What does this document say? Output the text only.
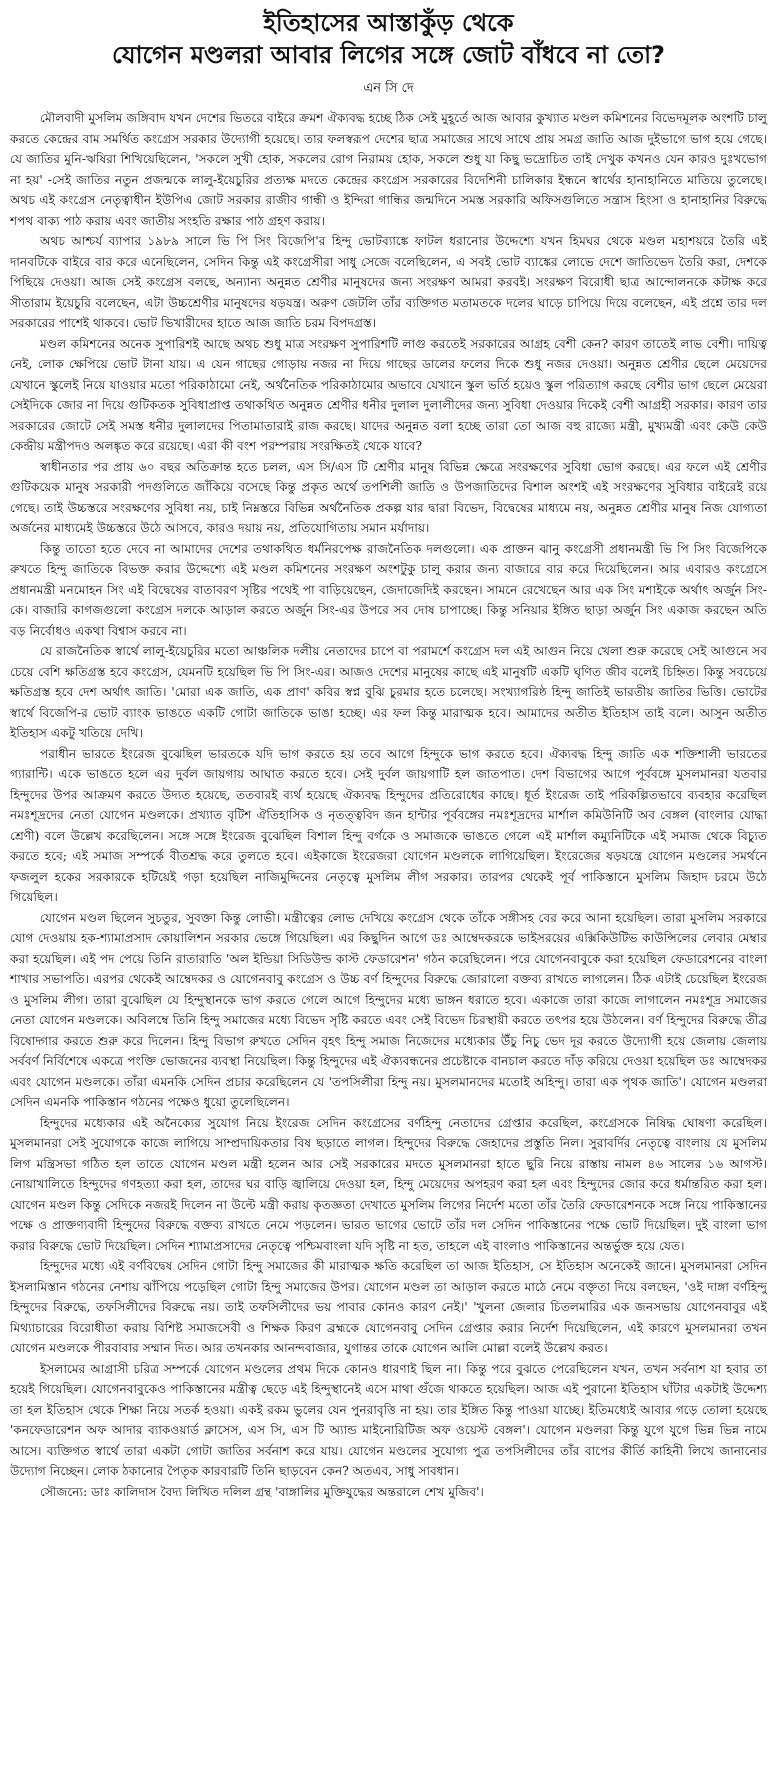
ইতিহাসের আস্তাকুঁড় থেকে
যোগেন মণ্ডলরা আবার লিগের সঙ্গে জোট বাঁধবে না তো?
এন সি দে

মৌলবাদী মুসলিম জঙ্গিবাদ যখন দেশের ভিতরে বাইরে ক্রমশ ঐক্যবদ্ধ হচ্ছে ঠিক সেই মুহূর্তে আজ আবার কুখ্যাত মণ্ডল কমিশনের বিভেদমূলক অংশটি চালু করতে কেন্দ্রের বাম সমর্থিত কংগ্রেস সরকার উদ্যোগী হয়েছে। তার ফলস্বরূপ দেশের ছাত্র সমাজের সাথে সাথে প্রায় সমগ্র জাতি আজ দুইভাগে ভাগ হয়ে গেছে। যে জাতির মুনি-ঋষিরা শিখিয়েছিলেন, 'সকলে সুখী হোক, সকলের রোগ নিরাময় হোক, সকলে শুধু যা কিছু ভদ্রোচিত তাই দেখুক কখনও যেন কারও দুঃখভোগ না হয়' -সেই জাতির নতুন প্রজন্মকে লালু-ইয়েচুরির প্রত্যক্ষ মদতে কেন্দ্রের কংগ্রেস সরকারের বিদেশিনী চালিকার ইন্ধনে স্বার্থের হানাহানিতে মাতিয়ে তুলেছে। অথচ এই কংগ্রেস নেতৃত্বাধীন ইউপিএ জোট সরকার রাজীব গান্ধী ও ইন্দিরা গান্ধির জন্মদিনে সমস্ত সরকারি অফিসগুলিতে সন্ত্রাস হিংসা ও হানাহানির বিরুদ্ধে শপথ বাক্য পাঠ করায় এবং জাতীয় সংহতি রক্ষার পাঠ গ্রহণ করায়।

অথচ আশ্চর্য ব্যাপার ১৯৮৯ সালে ভি পি সিং বিজেপি'র হিন্দু ভোটব্যাঙ্কে ফাটল ধরানোর উদ্দেশ্যে যখন হিমঘর থেকে মণ্ডল মহাশয়রে তৈরি এই দানবটিকে বাইরে বার করে এনেছিলেন, সেদিন কিন্তু এই কংগ্রেসীরা সাধু সেজে বলেছিলেন, এ সবই ভোট ব্যাঙ্কের লোভে দেশে জাতিভেদ তৈরি করা, দেশকে পিছিয়ে দেওয়া। আজ সেই কংগ্রেস বলছে, অন্যান্য অনুন্নত শ্রেণীর মানুষদের জন্য সংরক্ষণ আমরা করবই। সংরক্ষণ বিরোধী ছাত্র আন্দোলনকে কটাক্ষ করে সীতারাম ইয়েচুরি বলেছেন, এটা উচ্চশ্রেণীর মানুষদের ষড়যন্ত্র। অরুণ জেটলি তাঁর ব্যক্তিগত মতামতকে দলের ঘাড়ে চাপিয়ে দিয়ে বলেছেন, এই প্রশ্নে তার দল সরকারের পাশেই থাকবে। ভোট ভিখারীদের হাতে আজ জাতি চরম বিপদগ্রস্ত।

মণ্ডল কমিশনের অনেক সুপারিশই আছে অথচ শুধু মাত্র সংরক্ষণ সুপারিশটি লাগু করতেই সরকারের আগ্রহ বেশী কেন? কারণ তাতেই লাভ বেশী। দায়িত্ব নেই, লোক ক্ষেপিয়ে ভোট টানা যায়। এ যেন গাছের গোড়ায় নজর না দিয়ে গাছের ডালের ফলের দিকে শুধু নজর দেওয়া। অনুন্নত শ্রেণীর ছেলে মেয়েদের যেখানে স্কুলেই নিয়ে যাওয়ার মতো পরিকাঠামো নেই, অর্থনৈতিক পরিকাঠামোর অভাবে যেখানে স্কুল ভর্তি হয়েও স্কুল পরিত্যাগ করছে বেশীর ভাগ ছেলে মেয়েরা সেইদিকে জোর না দিয়ে গুটিকতক সুবিধাপ্রাপ্ত তথাকথিত অনুন্নত শ্রেণীর ধনীর দুলাল দুলালীদের জন্য সুবিধা দেওয়ার দিকেই বেশী আগ্রহী সরকার। কারণ তার সরকারের জোটে সেই সমস্ত ধনীর দুলালদের পিতামাতারাই রাজ করছে। যাদের অনুন্নত বলা হচ্ছে তারা তো আজ বহু রাজ্যে মন্ত্রী, মুখ্যমন্ত্রী এবং কেউ কেউ কেন্দ্রীয় মন্ত্রীপদও অলঙ্কৃত করে রয়েছে। এরা কী বংশ পরম্পরায় সংরক্ষিতই থেকে যাবে?

স্বাধীনতার পর প্রায় ৬০ বছর অতিক্রান্ত হতে চলল, এস সি/এস টি শ্রেণীর মানুষ বিভিন্ন ক্ষেত্রে সংরক্ষণের সুবিধা ভোগ করছে। এর ফলে এই শ্রেণীর গুটিকয়েক মানুষ সরকারী পদগুলিতে জাঁকিয়ে বসেছে কিন্তু প্রকৃত অর্থে তপশিলী জাতি ও উপজাতিদের বিশাল অংশই এই সংরক্ষণের সুবিধার বাইরেই রয়ে গেছে। তাই উচ্চস্তরে সংরক্ষণের সুবিধা নয়, চাই নিম্নস্তরে বিভিন্ন অর্থনৈতিক প্রকল্প যার দ্বারা বিভেদ, বিদ্বেষের মাধ্যমে নয়, অনুন্নত শ্রেণীর মানুষ নিজ যোগ্যতা অর্জনের মাধ্যমেই উচ্চস্তরে উঠে আসবে, কারও দয়ায় নয়, প্রতিযোগিতায় সমান মর্যাদায়।

কিন্তু তাতো হতে দেবে না আমাদের দেশের তথাকথিত ধর্মনিরপেক্ষ রাজনৈতিক দলগুলো। এক প্রাক্তন ঝানু কংগ্রেসী প্রধানমন্ত্রী ভি পি সিং বিজেপিকে রুখতে হিন্দু জাতিকে বিভক্ত করার উদ্দেশ্যে এই মণ্ডল কমিশনের সংরক্ষণ অংশটুকু চালু করার জন্য বাজারে বার করে দিয়েছিলেন। আর এবারও কংগ্রেসে প্রধানমন্ত্রী মনমোহন সিং এই বিদ্বেষের বাতাবরণ সৃষ্টির পথেই পা বাড়িয়েছেন, জেদাজেদিই করছেন। সামনে রেখেছেন আর এক সিং মশাইকে অর্থাৎ অর্জুন সিং-কে। বাজারি কাগজগুলো কংগ্রেস দলকে আড়াল করতে অর্জুন সিং-এর উপরে সব দোষ চাপাচ্ছে। কিন্তু সনিয়ার ইঙ্গিত ছাড়া অর্জুন সিং একাজ করছেন অতি বড় নির্বোধও একথা বিশ্বাস করবে না।

যে রাজনৈতিক স্বার্থে লালু-ইয়েচুরির মতো আঞ্চলিক দলীয় নেতাদের চাপে বা পরামর্শে কংগ্রেস দল এই আগুন নিয়ে খেলা শুরু করেছে সেই আগুনে সব চেয়ে বেশি ক্ষতিগ্রস্ত হবে কংগ্রেস, যেমনটি হয়েছিল ভি পি সিং-এর। আজও দেশের মানুষের কাছে এই মানুষটি একটি ঘৃণিত জীব বলেই চিহ্নিত। কিন্তু সবচেয়ে ক্ষতিগ্রস্ত হবে দেশ অর্থাৎ জাতি। 'মোরা এক জাতি, এক প্রাণ' কবির স্বপ্ন বুঝি চুরমার হতে চলেছে। সংখ্যাগরিষ্ঠ হিন্দু জাতিই ভারতীয় জাতির ভিত্তি। ভোটের স্বার্থে বিজেপি-র ভোট ব্যাংক ভাঙতে একটি গোটা জাতিকে ভাঙা হচ্ছে। এর ফল কিন্তু মারাত্মক হবে। আমাদের অতীত ইতিহাস তাই বলে। আসুন অতীত ইতিহাস একটু খতিয়ে দেখি।

পরাধীন ভারতে ইংরেজ বুঝেছিল ভারতকে যদি ভাগ করতে হয় তবে আগে হিন্দুকে ভাগ করতে হবে। ঐক্যবদ্ধ হিন্দু জাতি এক শক্তিশালী ভারতের গ্যারান্টি। একে ভাঙতে হলে এর দুর্বল জায়গায় আঘাত করতে হবে। সেই দুর্বল জায়গাটি হল জাতপাত। দেশ বিভাগের আগে পূর্ববঙ্গে মুসলমানরা যতবার হিন্দুদের উপর আক্রমণ করতে উদ্যত হয়েছে, ততবারই ব্যর্থ হয়েছে ঐক্যবদ্ধ হিন্দুদের প্রতিরোধের কাছে। ধূর্ত ইংরেজ তাই পরিকল্পিতভাবে ব্যবহার করেছিল নমঃশূদ্রদের নেতা যোগেন মণ্ডলকে। প্রখ্যাত বৃটিশ ঐতিহাসিক ও নৃতত্ত্ববিদ জন হান্টার পূর্ববঙ্গের নমঃশূদ্রদের মার্শাল কমিউনিটি অব বেঙ্গল (বাংলার যোদ্ধা শ্রেণী) বলে উল্লেখ করেছিলেন। সঙ্গে সঙ্গে ইংরেজ বুঝেছিল বিশাল হিন্দু বর্গকে ও সমাজকে ভাঙতে গেলে এই মার্শাল কম্যুনিটিকে এই সমাজ থেকে বিচ্যুত করতে হবে; এই সমাজ সম্পর্কে বীতশ্রদ্ধ করে তুলতে হবে। এইকাজে ইংরেজরা যোগেন মণ্ডলকে লাগিয়েছিল। ইংরেজের ষড়যন্ত্রে যোগেন মণ্ডলের সমর্থনে ফজলুল হকের সরকারকে হটিয়েই গড়া হয়েছিল নাজিমুদ্দিনের নেতৃত্বে মুসলিম লীগ সরকার। তারপর থেকেই পূর্ব পাকিস্তানে মুসলিম জিহাদ চরমে উঠে গিয়েছিল।

যোগেন মণ্ডল ছিলেন সুচতুর, সুবক্তা কিন্তু লোভী। মন্ত্রীত্বের লোভ দেখিয়ে কংগ্রেস থেকে তাঁকে সঙ্গীসহ বের করে আনা হয়েছিল। তারা মুসলিম সরকারে যোগ দেওয়ায় হক-শ্যামাপ্রসাদ কোয়ালিশন সরকার ভেঙ্গে গিয়েছিল। এর কিছুদিন আগে ডঃ আম্বেদকরকে ভাইসরয়ের এক্সিকিউটিভ কাউন্সিলের লেবার মেম্বার করা হয়েছিল। এই পদ পেয়ে তিনি রাতারাতি 'অল ইন্ডিয়া সিডিউল্ড কাস্ট ফেডারেশন' গঠন করেছিলেন। পরে যোগেনবাবুকে করা হয়েছিল ফেডারেশনের বাংলা শাখার সভাপতি। এরপর থেকেই আম্বেদকর ও যোগেনবাবু কংগ্রেস ও উচ্চ বর্ণ হিন্দুদের বিরুদ্ধে জোরালো বক্তব্য রাখতে লাগলেন। ঠিক এটাই চেয়েছিল ইংরেজ ও মুসলিম লীগ। তারা বুঝেছিল যে হিন্দুস্থানকে ভাগ করতে গেলে আগে হিন্দুদের মধ্যে ভাঙ্গন ধরাতে হবে। একাজে তারা কাজে লাগালেন নমঃশূদ্র সমাজের নেতা যোগেন মণ্ডলকে। অবিলম্বে তিনি হিন্দু সমাজের মধ্যে বিভেদ সৃষ্টি করতে এবং সেই বিভেদ চিরস্থায়ী করতে তৎপর হয়ে উঠলেন। বর্ণ হিন্দুদের বিরুদ্ধে তীব্র বিষোদ্গার করতে শুরু করে দিলেন। হিন্দু বিভাগ রুখতে সেদিন বৃহৎ হিন্দু সমাজ নিজেদের মধ্যেকার উঁচু নিচু ভেদ দূর করতে উদ্যোগী হয়ে জেলায় জেলায় সর্ববর্ণ নির্বিশেষে একত্রে পংক্তি ভোজনের ব্যবস্থা নিয়েছিল। কিন্তু হিন্দুদের এই ঐক্যবন্ধনের প্রচেষ্টাকে বানচাল করতে দাঁড় করিয়ে দেওয়া হয়েছিল ডঃ আম্বেদকর এবং যোগেন মণ্ডলকে। তাঁরা এমনকি সেদিন প্রচার করেছিলেন যে 'তপসিলীরা হিন্দু নয়। মুসলমানদের মতোই অহিন্দু। তারা এক পৃথক জাতি'। যোগেন মণ্ডলরা সেদিন এমনকি পাকিস্তান গঠনের পক্ষেও ধুয়ো তুলেছিলেন।

হিন্দুদের মধ্যেকার এই অনৈক্যের সুযোগ নিয়ে ইংরেজ সেদিন কংগ্রেসের বর্ণহিন্দু নেতাদের গ্রেপ্তার করেছিল, কংগ্রেসকে নিষিদ্ধ ঘোষণা করেছিল। মুসলমানরা সেই সুযোগকে কাজে লাগিয়ে সাম্প্রদায়িকতার বিষ ছড়াতে লাগল। হিন্দুদের বিরুদ্ধে জেহাদের প্রস্তুতি নিল। সুরাবর্দির নেতৃত্বে বাংলায় যে মুসলিম লিগ মন্ত্রিসভা গঠিত হল তাতে যোগেন মণ্ডল মন্ত্রী হলেন আর সেই সরকারের মদতে মুসলমানরা হাতে ছুরি নিয়ে রাস্তায় নামল ৪৬ সালের ১৬ আগস্ট। নোয়াখালিতে হিন্দুদের গণহত্যা করা হল, তাদের ঘর বাড়ি জ্বালিয়ে দেওয়া হল, হিন্দু মেয়েদের অপহরণ করা হল এবং হিন্দুদের জোর করে ধর্মান্তরিত করা হল। যোগেন মণ্ডল কিন্তু সেদিকে নজরই দিলেন না উল্টে মন্ত্রী করায় কৃতজ্ঞতা দেখাতে মুসলিম লিগের নির্দেশ মতো তাঁর তৈরি ফেডারেশনকে সঙ্গে নিয়ে পাকিস্তানের পক্ষে ও প্রাক্তণ্যবাদী হিন্দুদের বিরুদ্ধে বক্তব্য রাখতে নেমে পড়লেন। ভারত ভাগের ভোটে তাঁর দল সেদিন পাকিস্তানের পক্ষে ভোট দিয়েছিল। দুই বাংলা ভাগ করার বিরুদ্ধে ভোট দিয়েছিল। সেদিন শ্যামাপ্রসাদের নেতৃত্বে পশ্চিমবাংলা যদি সৃষ্টি না হত, তাহলে এই বাংলাও পাকিস্তানের অন্তর্ভুক্ত হয়ে যেত।

হিন্দুদের মধ্যে এই বর্ণবিদ্বেষ সেদিন গোটা হিন্দু সমাজের কী মারাত্মক ক্ষতি করেছিল তা আজ ইতিহাস, সে ইতিহাস অনেকেই জানে। মুসলমানরা সেদিন ইসলামিস্তান গঠনের নেশায় ঝাঁপিয়ে পড়েছিল গোটা হিন্দু সমাজের উপর। যোগেন মণ্ডল তা আড়াল করতে মাঠে নেমে বক্তৃতা দিয়ে বলছেন, 'ওই দাঙ্গা বর্ণহিন্দু হিন্দুদের বিরুদ্ধে, তফসিলীদের বিরুদ্ধে নয়। তাই তফসিলীদের ভয় পাবার কোনও কারণ নেই।' 'খুলনা জেলার চিতলমারির এক জনসভায় যোগেনবাবুর এই মিথ্যাচারের বিরোধীতা করায় বিশিষ্ট সমাজসেবী ও শিক্ষক কিরণ ব্রহ্মকে যোগেনবাবু সেদিন গ্রেপ্তার করার নির্দেশ দিয়েছিলেন, এই কারণে মুসলমানরা তখন যোগেন মণ্ডলকে পীরবাবার সম্মান দিত। আর তখনকার আনন্দবাজার, যুগান্তর তাকে যোগেন আলি মোল্লা বলেই উল্লেখ করত।

ইসলামের আগ্রাসী চরিত্র সম্পর্কে যোগেন মণ্ডলের প্রথম দিকে কোনও ধারণাই ছিল না। কিন্তু পরে বুঝতে পেরেছিলেন যখন, তখন সর্বনাশ যা হবার তা হয়েই গিয়েছিল। যোগেনবাবুকেও পাকিস্তানের মন্ত্রীত্ব ছেড়ে এই হিন্দুস্থানেই এসে মাথা গুঁজে থাকতে হয়েছিল। আজ এই পুরানো ইতিহাস ঘাঁটার একটাই উদ্দেশ্য তা হল ইতিহাস থেকে শিক্ষা নিয়ে সতর্ক হওয়া। একই রকম ভুলের যেন পুনরাবৃত্তি না হয়। তার ইঙ্গিত কিন্তু পাওয়া যাচ্ছে। ইতিমধ্যেই আবার গড়ে তোলা হয়েছে 'কনফেডারেশন অফ আদার ব্যাকওয়ার্ড ক্লাসেস, এস সি, এস টি অ্যান্ড মাইনোরিটিজ অফ ওয়েস্ট বেঙ্গল'। যোগেন মণ্ডলরা কিন্তু যুগে যুগে ভিন্ন ভিন্ন নামে আসে। ব্যক্তিগত স্বার্থে তারা একটা গোটা জাতির সর্বনাশ করে যায়। যোগেন মণ্ডলের সুযোগ্য পুত্র তপসিলীদের তাঁর বাপের কীর্তি কাহিনী লিখে জানানোর উদ্যোগ নিচ্ছেন। লোক ঠকানোর পৈতৃক কারবারটি তিনি ছাড়বেন কেন? অতএব, সাধু সাবধান।

সৌজন্যে: ডাঃ কালিদাস বৈদ্য লিখিত দলিল গ্রন্থ 'বাঙ্গালির মুক্তিযুদ্ধের অন্তরালে শেখ মুজিব'।
